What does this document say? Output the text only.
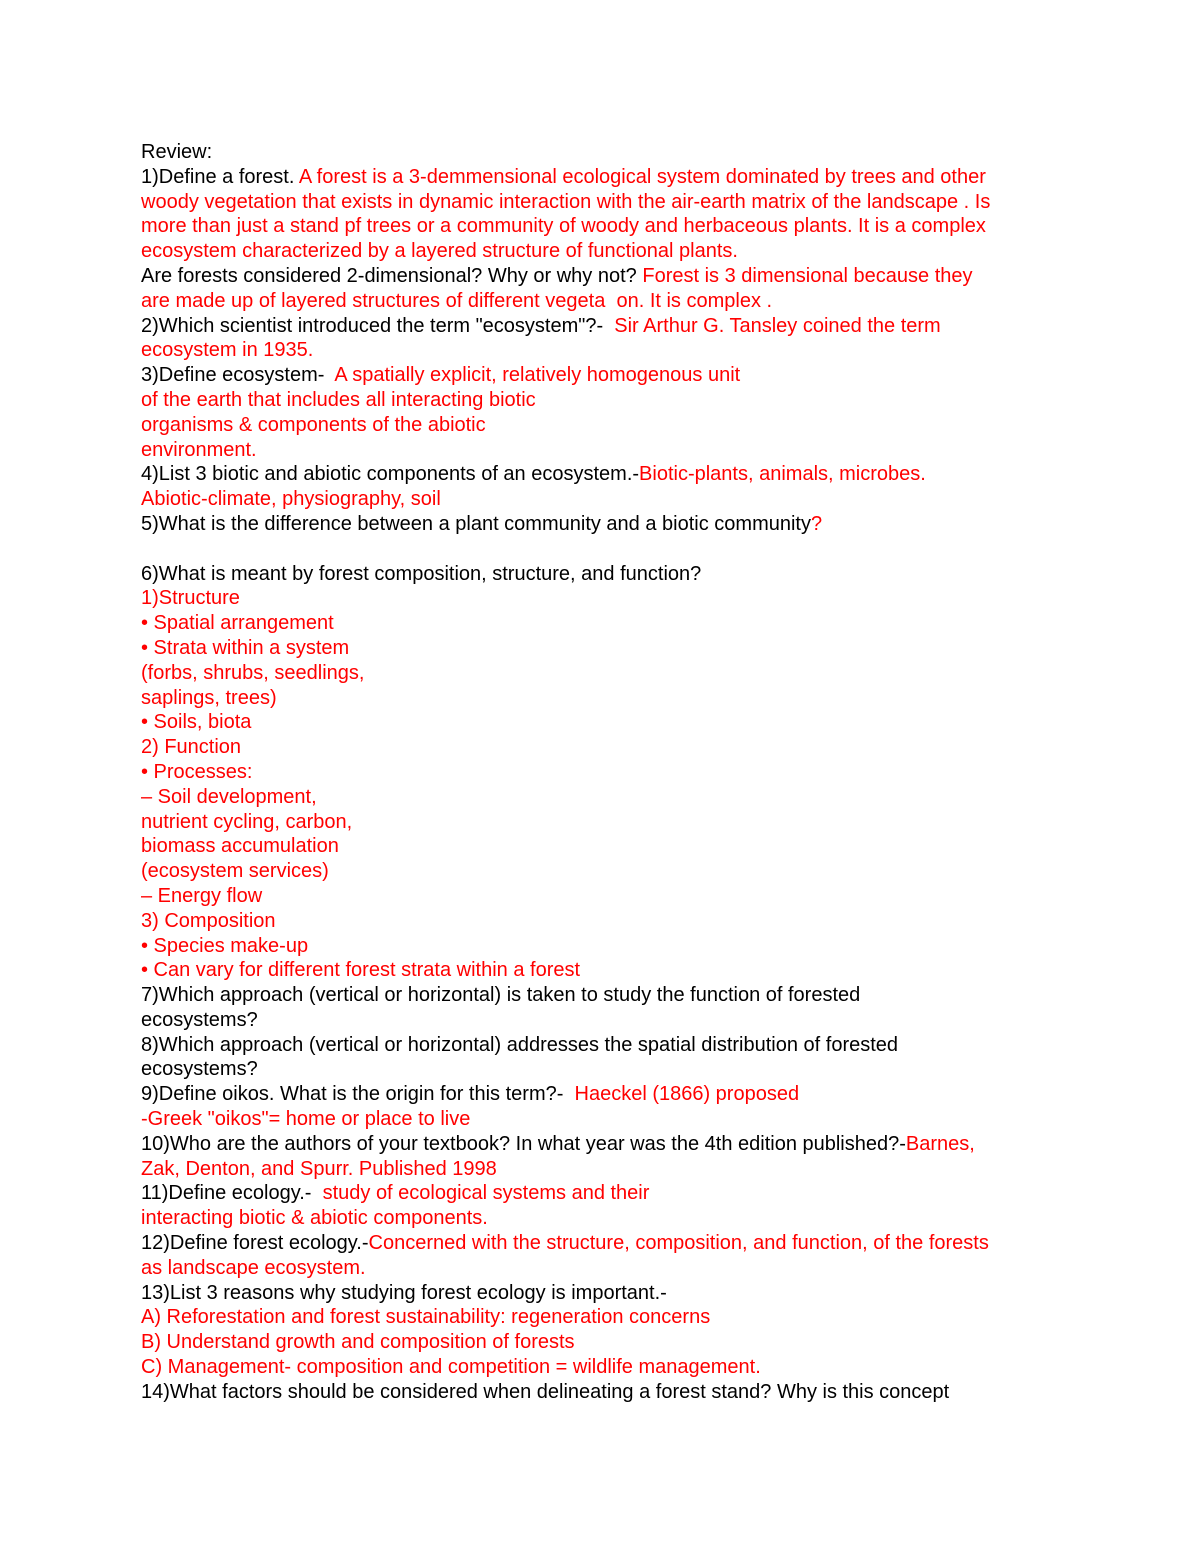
Review:
1)Define a forest. A forest is a 3-demmensional ecological system dominated by trees and other
woody vegetation that exists in dynamic interaction with the air-earth matrix of the landscape . Is
more than just a stand pf trees or a community of woody and herbaceous plants. It is a complex
ecosystem characterized by a layered structure of functional plants.
Are forests considered 2-dimensional? Why or why not? Forest is 3 dimensional because they
are made up of layered structures of different vegeta  on. It is complex .
2)Which scientist introduced the term "ecosystem"?-  Sir Arthur G. Tansley coined the term
ecosystem in 1935.
3)Define ecosystem-  A spatially explicit, relatively homogenous unit
of the earth that includes all interacting biotic
organisms & components of the abiotic
environment.
4)List 3 biotic and abiotic components of an ecosystem.-Biotic-plants, animals, microbes.
Abiotic-climate, physiography, soil
5)What is the difference between a plant community and a biotic community?
6)What is meant by forest composition, structure, and function?
1)Structure
• Spatial arrangement
• Strata within a system
(forbs, shrubs, seedlings,
saplings, trees)
• Soils, biota
2) Function
• Processes:
– Soil development,
nutrient cycling, carbon,
biomass accumulation
(ecosystem services)
– Energy flow
3) Composition
• Species make-up
• Can vary for different forest strata within a forest
7)Which approach (vertical or horizontal) is taken to study the function of forested
ecosystems?
8)Which approach (vertical or horizontal) addresses the spatial distribution of forested
ecosystems?
9)Define oikos. What is the origin for this term?-  Haeckel (1866) proposed
-Greek "oikos"= home or place to live
10)Who are the authors of your textbook? In what year was the 4th edition published?-Barnes,
Zak, Denton, and Spurr. Published 1998
11)Define ecology.-  study of ecological systems and their
interacting biotic & abiotic components.
12)Define forest ecology.-Concerned with the structure, composition, and function, of the forests
as landscape ecosystem.
13)List 3 reasons why studying forest ecology is important.-
A) Reforestation and forest sustainability: regeneration concerns
B) Understand growth and composition of forests
C) Management- composition and competition = wildlife management.
14)What factors should be considered when delineating a forest stand? Why is this concept
